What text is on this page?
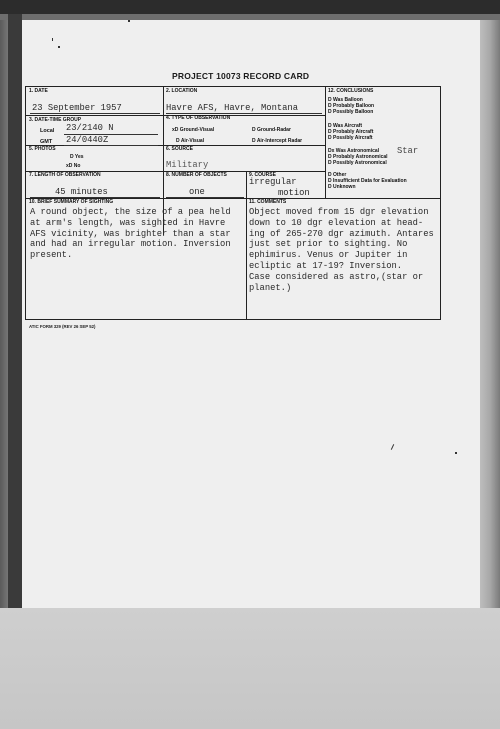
PROJECT 10073 RECORD CARD
1. DATE
23 September 1957
2. LOCATION
Havre AFS, Havre, Montana
3. DATE-TIME GROUP
Local 23/2140 N
GMT 24/0440Z
4. TYPE OF OBSERVATION
xD Ground-Visual	D Ground-Radar
D Air-Visual	D Air-Intercept Radar
5. PHOTOS
D Yes
xD No
6. SOURCE
Military
7. LENGTH OF OBSERVATION
45 minutes
8. NUMBER OF OBJECTS
one
9. COURSE
irregular
motion
12. CONCLUSIONS
D Was Balloon
D Probably Balloon
D Possibly Balloon
D Was Aircraft
D Probably Aircraft
D Possibly Aircraft
Dx Was Astronomical
D Probably Astronomical
D Possibly Astronomical
D Other
D Insufficient Data for Evaluation
D Unknown
Star
10. BRIEF SUMMARY OF SIGHTING
A round object, the size of a pea held
at arm's length, was sighted in Havre
AFS vicinity, was brighter than a star
and had an irregular motion. Inversion
present.
11. COMMENTS
Object moved from 15 dgr elevation
down to 10 dgr elevation at head-
ing of 265-270 dgr azimuth. Antares
just set prior to sighting. No
ephimirus. Venus or Jupiter in
ecliptic at 17-19? Inversion.
Case considered as astro,(star or
planet.)
ATIC FORM 329 (REV 26 SEP 52)
